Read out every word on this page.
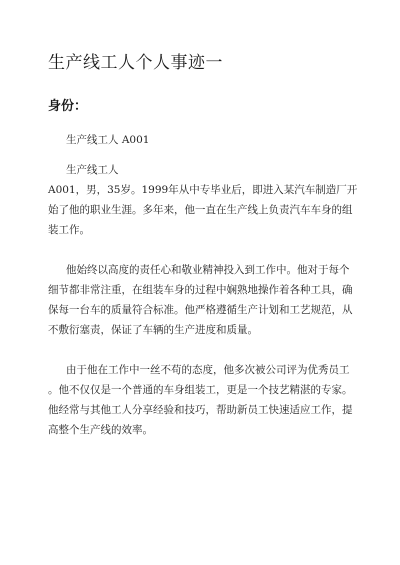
生产线工人个人事迹一
身份：
生产线工人 A001
生产线工人
A001，男，35岁。1999年从中专毕业后，即进入某汽车制造厂开
始了他的职业生涯。多年来，他一直在生产线上负责汽车车身的组
装工作。
他始终以高度的责任心和敬业精神投入到工作中。他对于每个
细节都非常注重，在组装车身的过程中娴熟地操作着各种工具，确
保每一台车的质量符合标准。他严格遵循生产计划和工艺规范，从
不敷衍塞责，保证了车辆的生产进度和质量。
由于他在工作中一丝不苟的态度，他多次被公司评为优秀员工
。他不仅仅是一个普通的车身组装工，更是一个技艺精湛的专家。
他经常与其他工人分享经验和技巧，帮助新员工快速适应工作，提
高整个生产线的效率。
